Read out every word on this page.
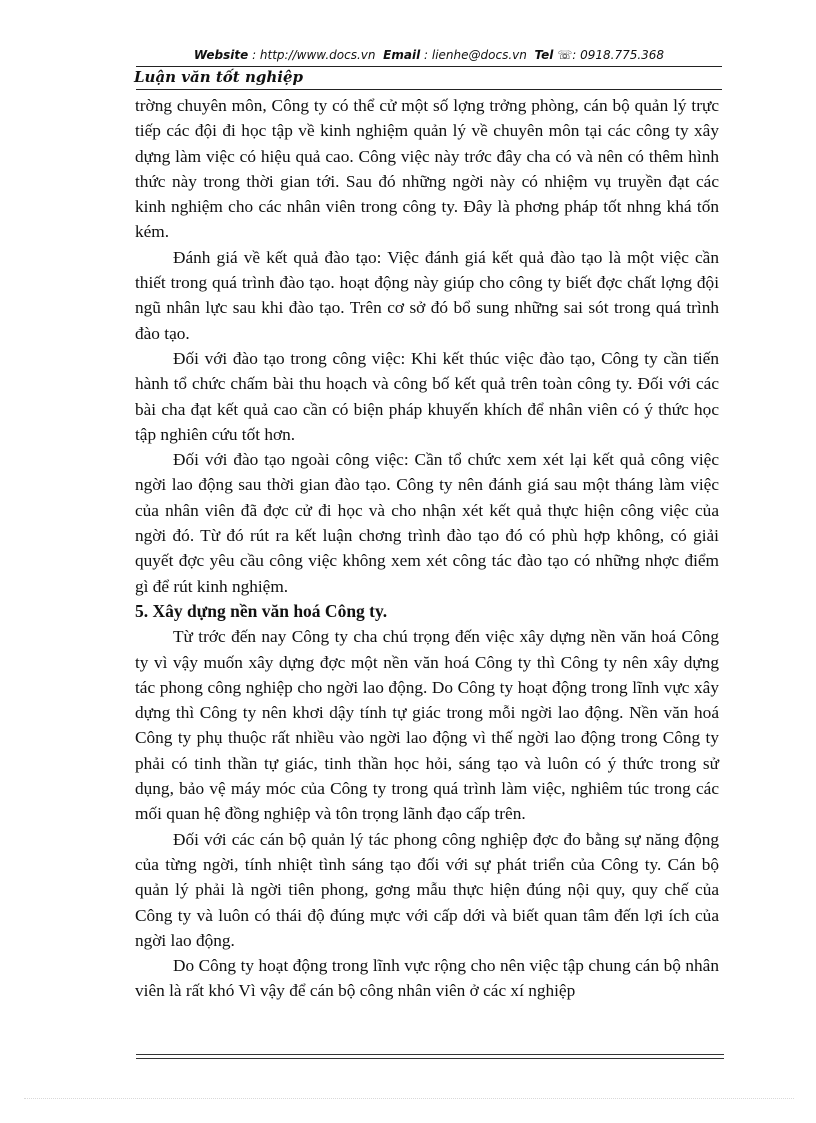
Website : http://www.docs.vn Email : lienhe@docs.vn Tel ☏: 0918.775.368
Luận văn tốt nghiệp

trờng chuyên môn, Công ty có thể cử một số lợng trởng phòng, cán bộ quản lý trực tiếp các đội đi học tập về kinh nghiệm quản lý về chuyên môn tại các công ty xây dựng làm việc có hiệu quả cao. Công việc này trớc đây cha có và nên có thêm hình thức này trong thời gian tới. Sau đó những ngời này có nhiệm vụ truyền đạt các kinh nghiệm cho các nhân viên trong công ty. Đây là phơng pháp tốt nhng khá tốn kém.

Đánh giá về kết quả đào tạo: Việc đánh giá kết quả đào tạo là một việc cần thiết trong quá trình đào tạo. hoạt động này giúp cho công ty biết đợc chất lợng đội ngũ nhân lực sau khi đào tạo. Trên cơ sở đó bổ sung những sai sót trong quá trình đào tạo.

Đối với đào tạo trong công việc: Khi kết thúc việc đào tạo, Công ty cần tiến hành tổ chức chấm bài thu hoạch và công bố kết quả trên toàn công ty. Đối với các bài cha đạt kết quả cao cần có biện pháp khuyến khích để nhân viên có ý thức học tập nghiên cứu tốt hơn.

Đối với đào tạo ngoài công việc: Cần tổ chức xem xét lại kết quả công việc ngời lao động sau thời gian đào tạo. Công ty nên đánh giá sau một tháng làm việc của nhân viên đã đợc cử đi học và cho nhận xét kết quả thực hiện công việc của ngời đó. Từ đó rút ra kết luận chơng trình đào tạo đó có phù hợp không, có giải quyết đợc yêu cầu công việc không xem xét công tác đào tạo có những nhợc điểm gì để rút kinh nghiệm.

5. Xây dựng nền văn hoá Công ty.

Từ trớc đến nay Công ty cha chú trọng đến việc xây dựng nền văn hoá Công ty vì vậy muốn xây dựng đợc một nền văn hoá Công ty thì Công ty nên xây dựng tác phong công nghiệp cho ngời lao động. Do Công ty hoạt động trong lĩnh vực xây dựng thì Công ty nên khơi dậy tính tự giác trong mỗi ngời lao động. Nền văn hoá Công ty phụ thuộc rất nhiều vào ngời lao động vì thế ngời lao động trong Công ty phải có tinh thần tự giác, tinh thần học hỏi, sáng tạo và luôn có ý thức trong sử dụng, bảo vệ máy móc của Công ty trong quá trình làm việc, nghiêm túc trong các mối quan hệ đồng nghiệp và tôn trọng lãnh đạo cấp trên.

Đối với các cán bộ quản lý tác phong công nghiệp đợc đo bằng sự năng động của từng ngời, tính nhiệt tình sáng tạo đối với sự phát triển của Công ty. Cán bộ quản lý phải là ngời tiên phong, gơng mẫu thực hiện đúng nội quy, quy chế của Công ty và luôn có thái độ đúng mực với cấp dới và biết quan tâm đến lợi ích của ngời lao động.

Do Công ty hoạt động trong lĩnh vực rộng cho nên việc tập chung cán bộ nhân viên là rất khó Vì vậy để cán bộ công nhân viên ở các xí nghiệp
